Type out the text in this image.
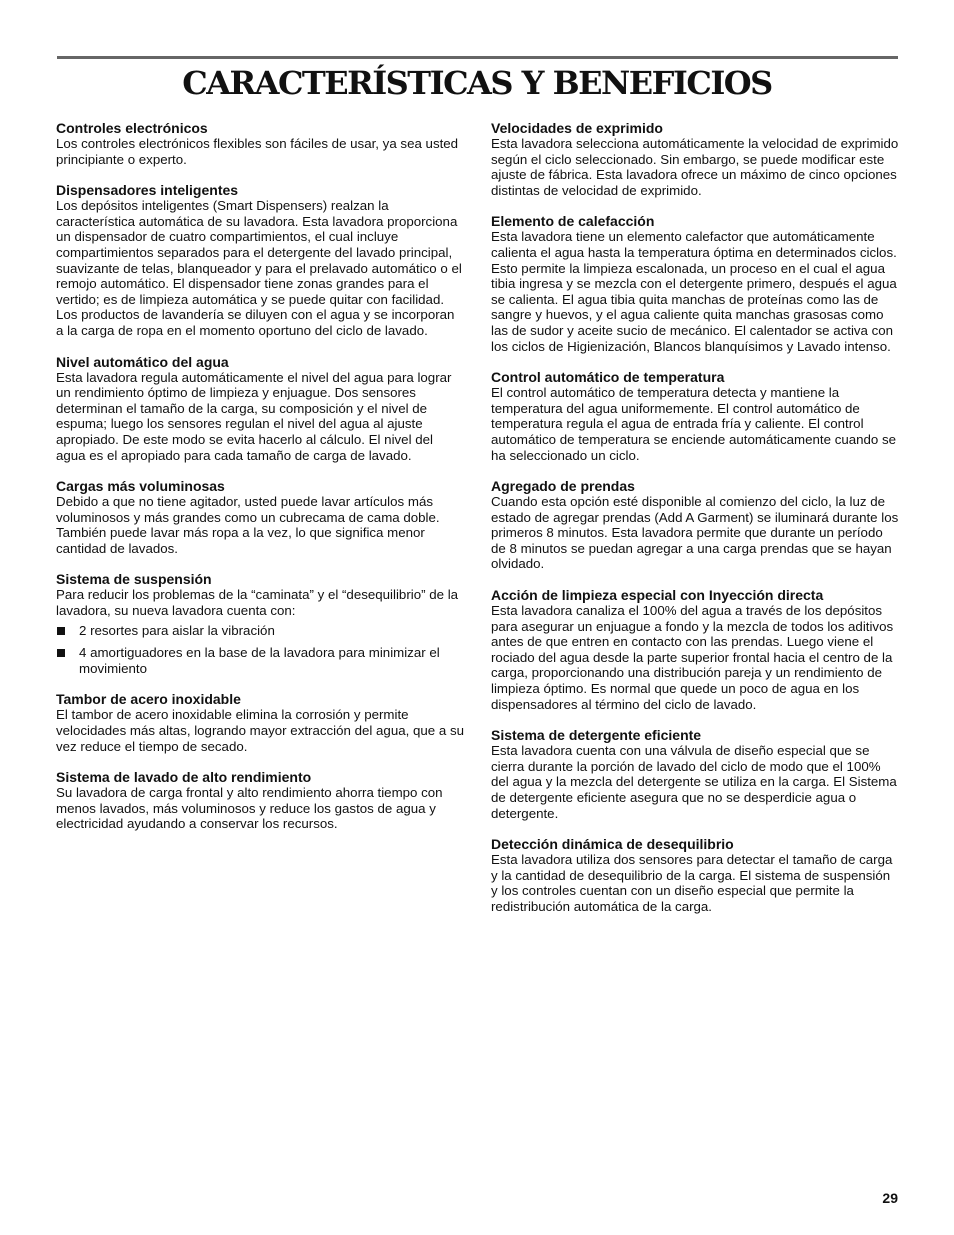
CARACTERÍSTICAS Y BENEFICIOS
Controles electrónicos

Los controles electrónicos flexibles son fáciles de usar, ya sea usted principiante o experto.

Dispensadores inteligentes

Los depósitos inteligentes (Smart Dispensers) realzan la característica automática de su lavadora. Esta lavadora proporciona un dispensador de cuatro compartimientos, el cual incluye compartimientos separados para el detergente del lavado principal, suavizante de telas, blanqueador y para el prelavado automático o el remojo automático. El dispensador tiene zonas grandes para el vertido; es de limpieza automática y se puede quitar con facilidad. Los productos de lavandería se diluyen con el agua y se incorporan a la carga de ropa en el momento oportuno del ciclo de lavado.

Nivel automático del agua

Esta lavadora regula automáticamente el nivel del agua para lograr un rendimiento óptimo de limpieza y enjuague. Dos sensores determinan el tamaño de la carga, su composición y el nivel de espuma; luego los sensores regulan el nivel del agua al ajuste apropiado. De este modo se evita hacerlo al cálculo. El nivel del agua es el apropiado para cada tamaño de carga de lavado.

Cargas más voluminosas

Debido a que no tiene agitador, usted puede lavar artículos más voluminosos y más grandes como un cubrecama de cama doble. También puede lavar más ropa a la vez, lo que significa menor cantidad de lavados.

Sistema de suspensión

Para reducir los problemas de la “caminata” y el “desequilibrio” de la lavadora, su nueva lavadora cuenta con:

2 resortes para aislar la vibración
4 amortiguadores en la base de la lavadora para minimizar el movimiento
Tambor de acero inoxidable

El tambor de acero inoxidable elimina la corrosión y permite velocidades más altas, logrando mayor extracción del agua, que a su vez reduce el tiempo de secado.

Sistema de lavado de alto rendimiento

Su lavadora de carga frontal y alto rendimiento ahorra tiempo con menos lavados, más voluminosos y reduce los gastos de agua y electricidad ayudando a conservar los recursos.

Velocidades de exprimido

Esta lavadora selecciona automáticamente la velocidad de exprimido según el ciclo seleccionado. Sin embargo, se puede modificar este ajuste de fábrica. Esta lavadora ofrece un máximo de cinco opciones distintas de velocidad de exprimido.

Elemento de calefacción

Esta lavadora tiene un elemento calefactor que automáticamente calienta el agua hasta la temperatura óptima en determinados ciclos. Esto permite la limpieza escalonada, un proceso en el cual el agua tibia ingresa y se mezcla con el detergente primero, después el agua se calienta. El agua tibia quita manchas de proteínas como las de sangre y huevos, y el agua caliente quita manchas grasosas como las de sudor y aceite sucio de mecánico. El calentador se activa con los ciclos de Higienización, Blancos blanquísimos y Lavado intenso.

Control automático de temperatura

El control automático de temperatura detecta y mantiene la temperatura del agua uniformemente. El control automático de temperatura regula el agua de entrada fría y caliente. El control automático de temperatura se enciende automáticamente cuando se ha seleccionado un ciclo.

Agregado de prendas

Cuando esta opción esté disponible al comienzo del ciclo, la luz de estado de agregar prendas (Add A Garment) se iluminará durante los primeros 8 minutos. Esta lavadora permite que durante un período de 8 minutos se puedan agregar a una carga prendas que se hayan olvidado.

Acción de limpieza especial con Inyección directa

Esta lavadora canaliza el 100% del agua a través de los depósitos para asegurar un enjuague a fondo y la mezcla de todos los aditivos antes de que entren en contacto con las prendas. Luego viene el rociado del agua desde la parte superior frontal hacia el centro de la carga, proporcionando una distribución pareja y un rendimiento de limpieza óptimo. Es normal que quede un poco de agua en los dispensadores al término del ciclo de lavado.

Sistema de detergente eficiente

Esta lavadora cuenta con una válvula de diseño especial que se cierra durante la porción de lavado del ciclo de modo que el 100% del agua y la mezcla del detergente se utiliza en la carga. El Sistema de detergente eficiente asegura que no se desperdicie agua o detergente.

Detección dinámica de desequilibrio

Esta lavadora utiliza dos sensores para detectar el tamaño de carga y la cantidad de desequilibrio de la carga. El sistema de suspensión y los controles cuentan con un diseño especial que permite la redistribución automática de la carga.

29
